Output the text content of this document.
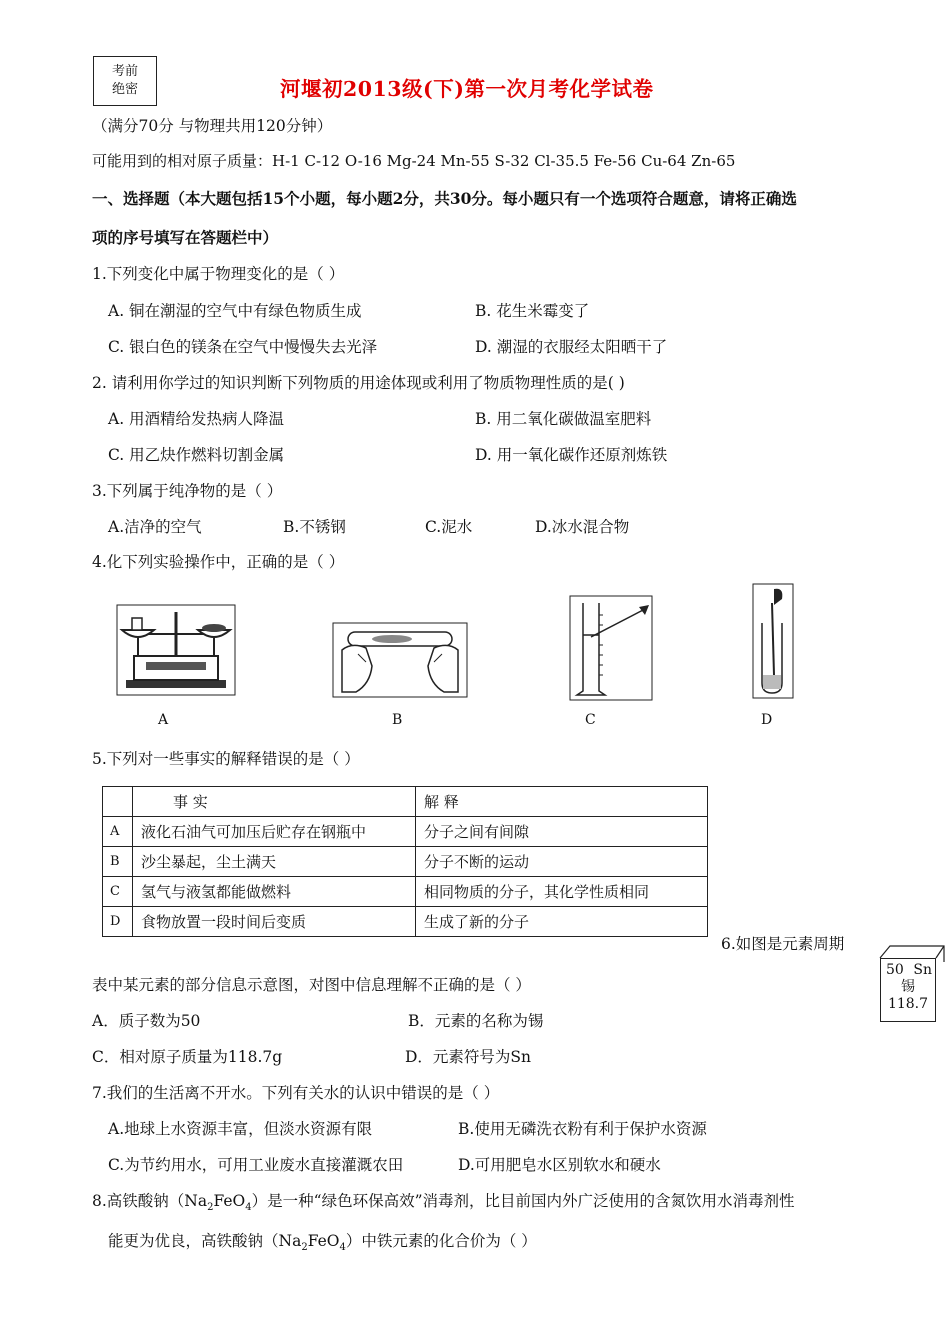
考前
绝密	河堰初2013级(下)第一次月考化学试卷
（满分70分 与物理共用120分钟）
可能用到的相对原子质量：H-1 C-12 O-16 Mg-24 Mn-55 S-32 Cl-35.5 Fe-56 Cu-64 Zn-65
一、选择题（本大题包括15个小题，每小题2分，共30分。每小题只有一个选项符合题意，请将正确选
项的序号填写在答题栏中）
1.下列变化中属于物理变化的是（ ）
A. 铜在潮湿的空气中有绿色物质生成	B. 花生米霉变了
C. 银白色的镁条在空气中慢慢失去光泽	D. 潮湿的衣服经太阳晒干了
2. 请利用你学过的知识判断下列物质的用途体现或利用了物质物理性质的是( )
A. 用酒精给发热病人降温	B. 用二氧化碳做温室肥料
C. 用乙炔作燃料切割金属	D. 用一氧化碳作还原剂炼铁
3.下列属于纯净物的是（ ）
A.洁净的空气	B.不锈钢	C.泥水	D.冰水混合物
4.化下列实验操作中，正确的是（ ）
A	B	C	D
5.下列对一些事实的解释错误的是（ ）
	事 实	解 释
A	液化石油气可加压后贮存在钢瓶中	分子之间有间隙
B	沙尘暴起，尘土满天	分子不断的运动
C	氢气与液氢都能做燃料	相同物质的分子，其化学性质相同
D	食物放置一段时间后变质	生成了新的分子
6.如图是元素周期
50 Sn
锡
118.7
表中某元素的部分信息示意图，对图中信息理解不正确的是（ ）
A．质子数为50	B．元素的名称为锡
C．相对原子质量为118.7g	D．元素符号为Sn
7.我们的生活离不开水。下列有关水的认识中错误的是（ ）
A.地球上水资源丰富，但淡水资源有限	B.使用无磷洗衣粉有利于保护水资源
C.为节约用水，可用工业废水直接灌溉农田	D.可用肥皂水区别软水和硬水
8.高铁酸钠$(Na_2FeO_4)$是一种“绿色环保高效”消毒剂，比目前国内外广泛使用的含氮饮用水消毒剂性
能更为优良，高铁酸钠$(Na_2FeO_4)$中铁元素的化合价为（ ）
